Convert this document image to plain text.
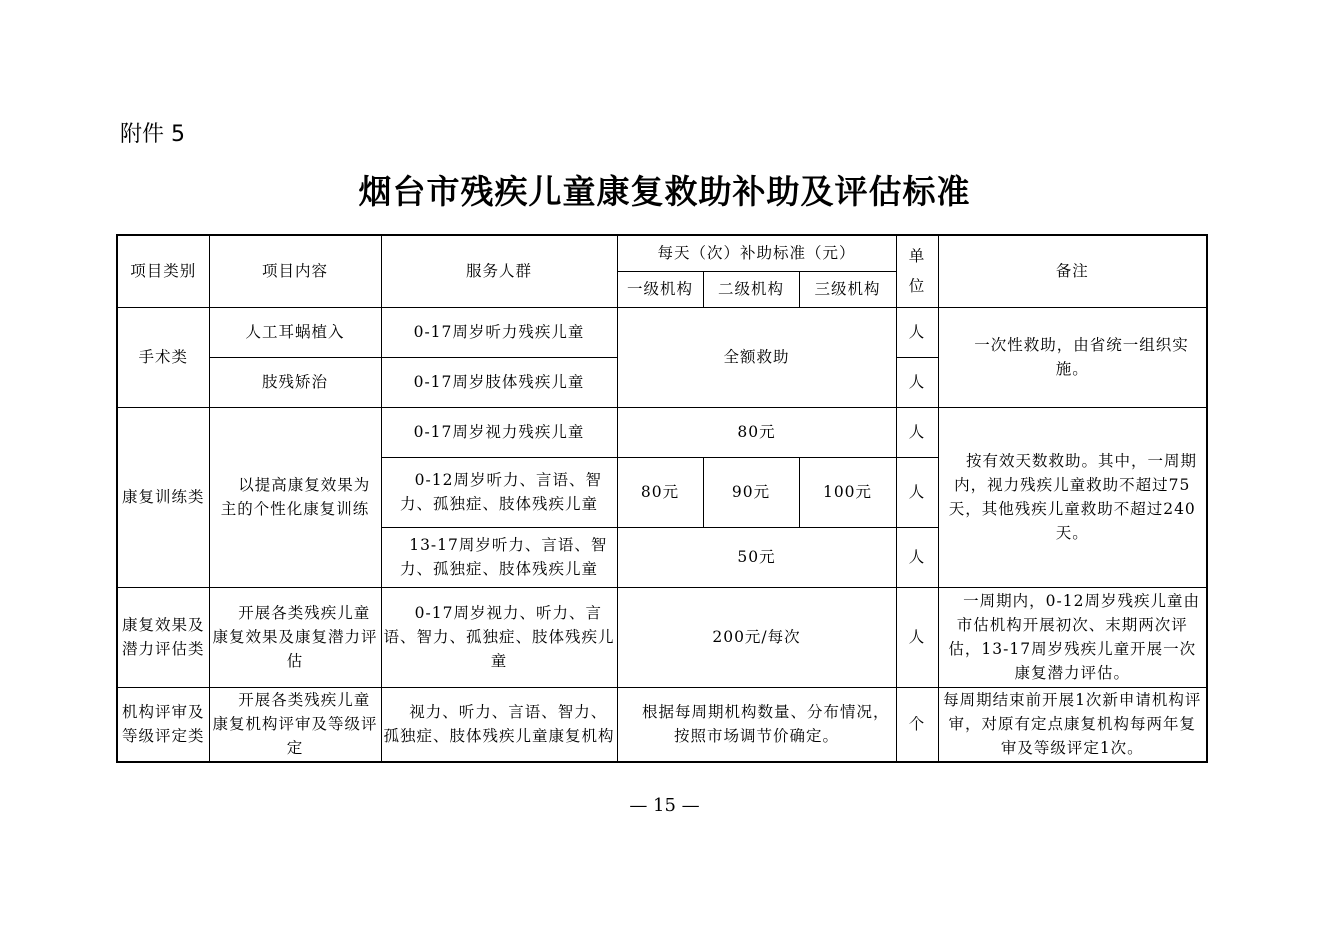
附件 5
烟台市残疾儿童康复救助补助及评估标准
项目类别	项目内容	服务人群	每天（次）补助标准（元）			单位	备注
			一级机构	二级机构	三级机构		
手术类	人工耳蜗植入	0-17周岁听力残疾儿童	全额救助			人	一次性救助，由省统一组织实施。
	肢残矫治	0-17周岁肢体残疾儿童				人	
康复训练类	以提高康复效果为主的个性化康复训练	0-17周岁视力残疾儿童	80元			人	按有效天数救助。其中，一周期内，视力残疾儿童救助不超过75天，其他残疾儿童救助不超过240天。
		0-12周岁听力、言语、智力、孤独症、肢体残疾儿童	80元	90元	100元	人	
		13-17周岁听力、言语、智力、孤独症、肢体残疾儿童	50元			人	
康复效果及潜力评估类	开展各类残疾儿童康复效果及康复潜力评估	0-17周岁视力、听力、言语、智力、孤独症、肢体残疾儿童	200元/每次			人	一周期内，0-12周岁残疾儿童由市估机构开展初次、末期两次评估，13-17周岁残疾儿童开展一次康复潜力评估。
机构评审及等级评定类	开展各类残疾儿童康复机构评审及等级评定	视力、听力、言语、智力、孤独症、肢体残疾儿童康复机构	根据每周期机构数量、分布情况，按照市场调节价确定。			个	每周期结束前开展1次新申请机构评审，对原有定点康复机构每两年复审及等级评定1次。
— 15 —
